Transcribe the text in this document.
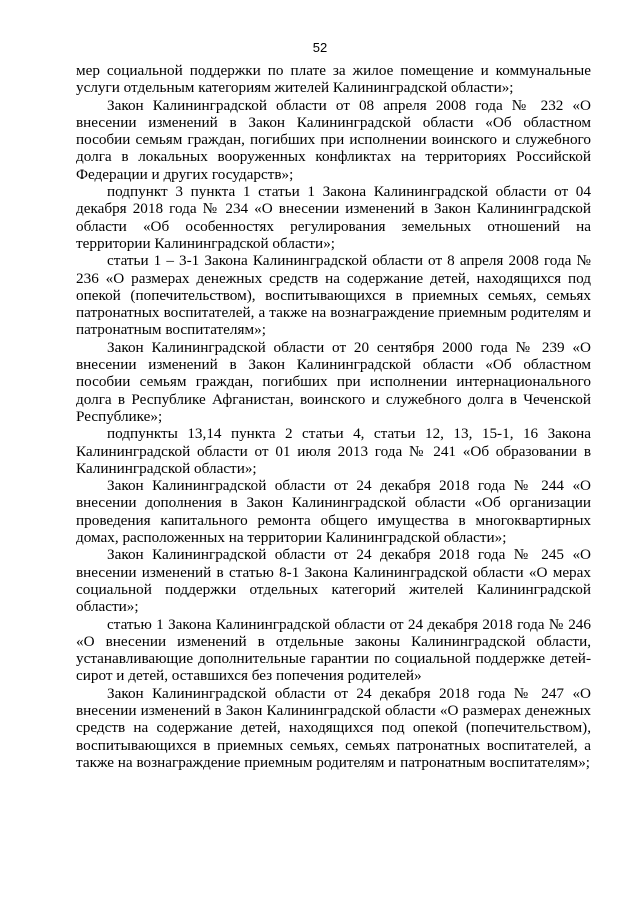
52

мер социальной поддержки по плате за жилое помещение и коммунальные услуги отдельным категориям жителей Калининградской области»;

Закон Калининградской области от 08 апреля 2008 года № 232 «О внесении изменений в Закон Калининградской области «Об областном пособии семьям граждан, погибших при исполнении воинского и служебного долга в локальных вооруженных конфликтах на территориях Российской Федерации и других государств»;

подпункт 3 пункта 1 статьи 1 Закона Калининградской области от 04 декабря 2018 года № 234 «О внесении изменений в Закон Калининградской области «Об особенностях регулирования земельных отношений на территории Калининградской области»;

статьи 1 – 3-1 Закона Калининградской области от 8 апреля 2008 года № 236 «О размерах денежных средств на содержание детей, находящихся под опекой (попечительством), воспитывающихся в приемных семьях, семьях патронатных воспитателей, а также на вознаграждение приемным родителям и патронатным воспитателям»;

Закон Калининградской области от 20 сентября 2000 года № 239 «О внесении изменений в Закон Калининградской области «Об областном пособии семьям граждан, погибших при исполнении интернационального долга в Республике Афганистан, воинского и служебного долга в Чеченской Республике»;

подпункты 13,14 пункта 2 статьи 4, статьи 12, 13, 15-1, 16 Закона Калининградской области от 01 июля 2013 года № 241 «Об образовании в Калининградской области»;

Закон Калининградской области от 24 декабря 2018 года № 244 «О внесении дополнения в Закон Калининградской области «Об организации проведения капитального ремонта общего имущества в многоквартирных домах, расположенных на территории Калининградской области»;

Закон Калининградской области от 24 декабря 2018 года № 245 «О внесении изменений в статью 8-1 Закона Калининградской области «О мерах социальной поддержки отдельных категорий жителей Калининградской области»;

статью 1 Закона Калининградской области от 24 декабря 2018 года № 246 «О внесении изменений в отдельные законы Калининградской области, устанавливающие дополнительные гарантии по социальной поддержке детей-сирот и детей, оставшихся без попечения родителей»

Закон Калининградской области от 24 декабря 2018 года № 247 «О внесении изменений в Закон Калининградской области «О размерах денежных средств на содержание детей, находящихся под опекой (попечительством), воспитывающихся в приемных семьях, семьях патронатных воспитателей, а также на вознаграждение приемным родителям и патронатным воспитателям»;
